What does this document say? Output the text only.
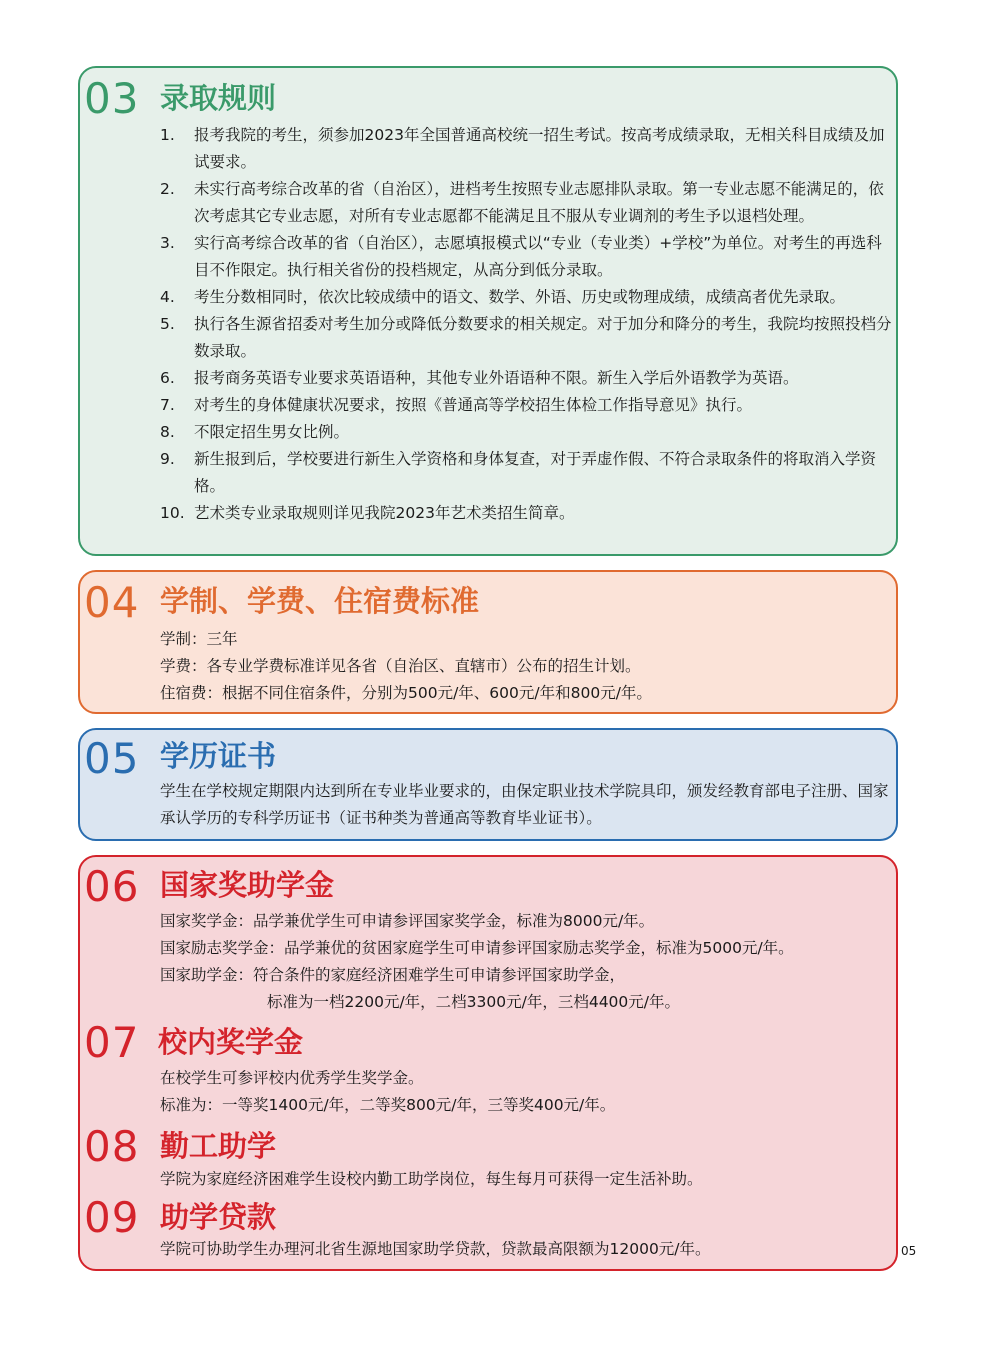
03 录取规则
1. 报考我院的考生，须参加2023年全国普通高校统一招生考试。按高考成绩录取，无相关科目成绩及加试要求。
2. 未实行高考综合改革的省（自治区），进档考生按照专业志愿排队录取。第一专业志愿不能满足的，依次考虑其它专业志愿，对所有专业志愿都不能满足且不服从专业调剂的考生予以退档处理。
3. 实行高考综合改革的省（自治区），志愿填报模式以“专业（专业类）+学校”为单位。对考生的再选科目不作限定。执行相关省份的投档规定，从高分到低分录取。
4. 考生分数相同时，依次比较成绩中的语文、数学、外语、历史或物理成绩，成绩高者优先录取。
5. 执行各生源省招委对考生加分或降低分数要求的相关规定。对于加分和降分的考生，我院均按照投档分数录取。
6. 报考商务英语专业要求英语语种，其他专业外语语种不限。新生入学后外语教学为英语。
7. 对考生的身体健康状况要求，按照《普通高等学校招生体检工作指导意见》执行。
8. 不限定招生男女比例。
9. 新生报到后，学校要进行新生入学资格和身体复查，对于弄虚作假、不符合录取条件的将取消入学资格。
10. 艺术类专业录取规则详见我院2023年艺术类招生简章。
04 学制、学费、住宿费标准
学制：三年
学费：各专业学费标准详见各省（自治区、直辖市）公布的招生计划。
住宿费：根据不同住宿条件，分别为500元/年、600元/年和800元/年。
05 学历证书
学生在学校规定期限内达到所在专业毕业要求的，由保定职业技术学院具印，颁发经教育部电子注册、国家承认学历的专科学历证书（证书种类为普通高等教育毕业证书）。
06 国家奖助学金
国家奖学金：品学兼优学生可申请参评国家奖学金，标准为8000元/年。
国家励志奖学金：品学兼优的贫困家庭学生可申请参评国家励志奖学金，标准为5000元/年。
国家助学金：符合条件的家庭经济困难学生可申请参评国家助学金，
标准为一档2200元/年，二档3300元/年，三档4400元/年。
07 校内奖学金
在校学生可参评校内优秀学生奖学金。
标准为：一等奖1400元/年，二等奖800元/年，三等奖400元/年。
08 勤工助学
学院为家庭经济困难学生设校内勤工助学岗位，每生每月可获得一定生活补助。
09 助学贷款
学院可协助学生办理河北省生源地国家助学贷款，贷款最高限额为12000元/年。	05
